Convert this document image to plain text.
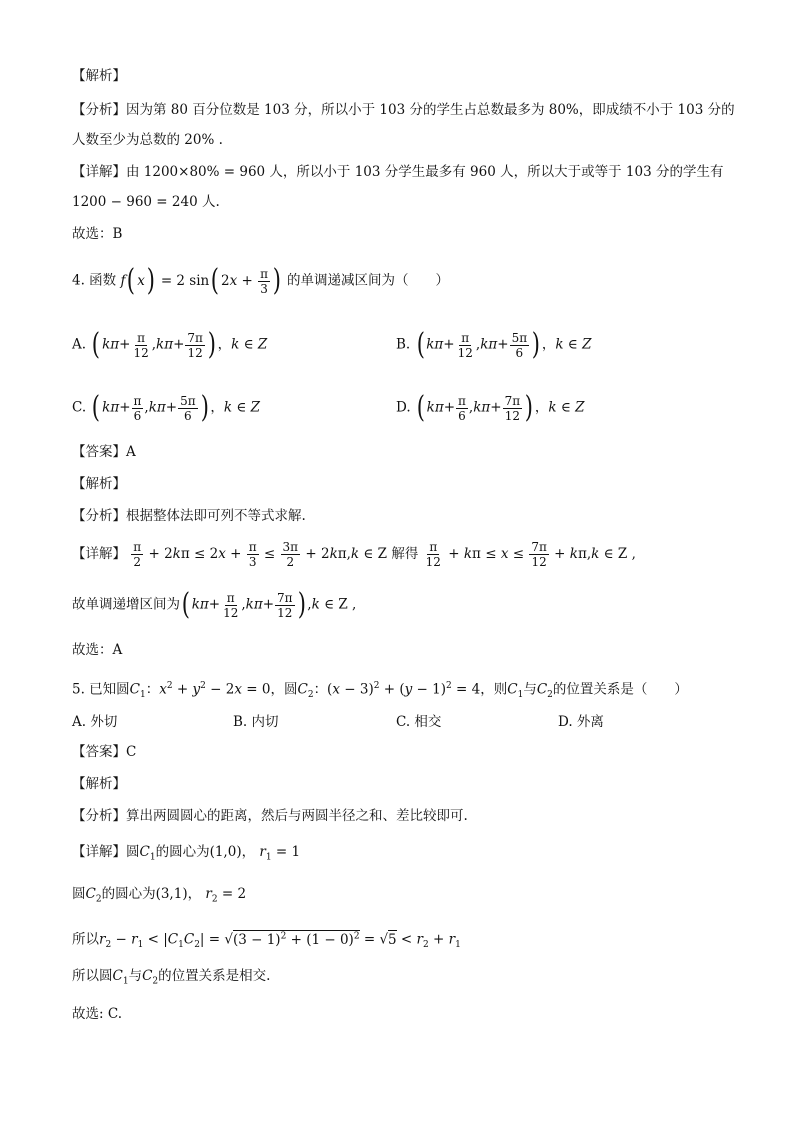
【解析】
【分析】因为第 80 百分位数是 103 分，所以小于 103 分的学生占总数最多为 80%，即成绩不小于 103 分的
人数至少为总数的 20% .
【详解】由 1200×80% = 960 人，所以小于 103 分学生最多有 960 人，所以大于或等于 103 分的学生有
1200 − 960 = 240 人.
故选：B
4. 函数 f( x) = 2 sin( $2x + \frac{\pi}{3}$ ) 的单调递减区间为（　　）
A. ( $k\pi+ \frac{\pi}{12} ,k\pi+ \frac{7\pi}{12}$ ) ，k ∈ Z	B. ( $k\pi+ \frac{\pi}{12} ,k\pi+ \frac{5\pi}{6}$ ) ，k ∈ Z
C. ( $k\pi+ \frac{\pi}{6} ,k\pi+ \frac{5\pi}{6}$ ) ，k ∈ Z	D. ( $k\pi+ \frac{\pi}{6} ,k\pi+ \frac{7\pi}{12}$ ) ，k ∈ Z
【答案】A
【解析】
【分析】根据整体法即可列不等式求解.
【详解】 $\frac{\pi}{2} + 2k\pi \le 2x + \frac{\pi}{3} \le \frac{3\pi}{2} + 2k\pi,k$ ∈ Z 解得 $\frac{\pi}{12} + k\pi \le x \le \frac{7\pi}{12} + k\pi,k$ ∈ Z ,
故单调递增区间为( $k\pi+ \frac{\pi}{12} ,k\pi+ \frac{7\pi}{12}$ ) ,k ∈ Z ,
故选：A
5. 已知圆$C_1$：$x^2 + y^2 - 2x = 0$，圆$C_2$：$(x - 3)^2 + (y - 1)^2 = 4$，则$C_1$与$C_2$的位置关系是（　　）
A. 外切	B. 内切	C. 相交	D. 外离
【答案】C
【解析】
【分析】算出两圆圆心的距离，然后与两圆半径之和、差比较即可.
【详解】圆$C_1$的圆心为(1,0)， $r_1 = 1$
圆$C_2$的圆心为(3,1)， $r_2 = 2$
所以$r_2 - r_1 < |C_1C_2| = √(3 - 1)^2 + (1 - 0)^2 = √5 < r_2 + r_1$
所以圆$C_1$与$C_2$的位置关系是相交.
故选: C.
